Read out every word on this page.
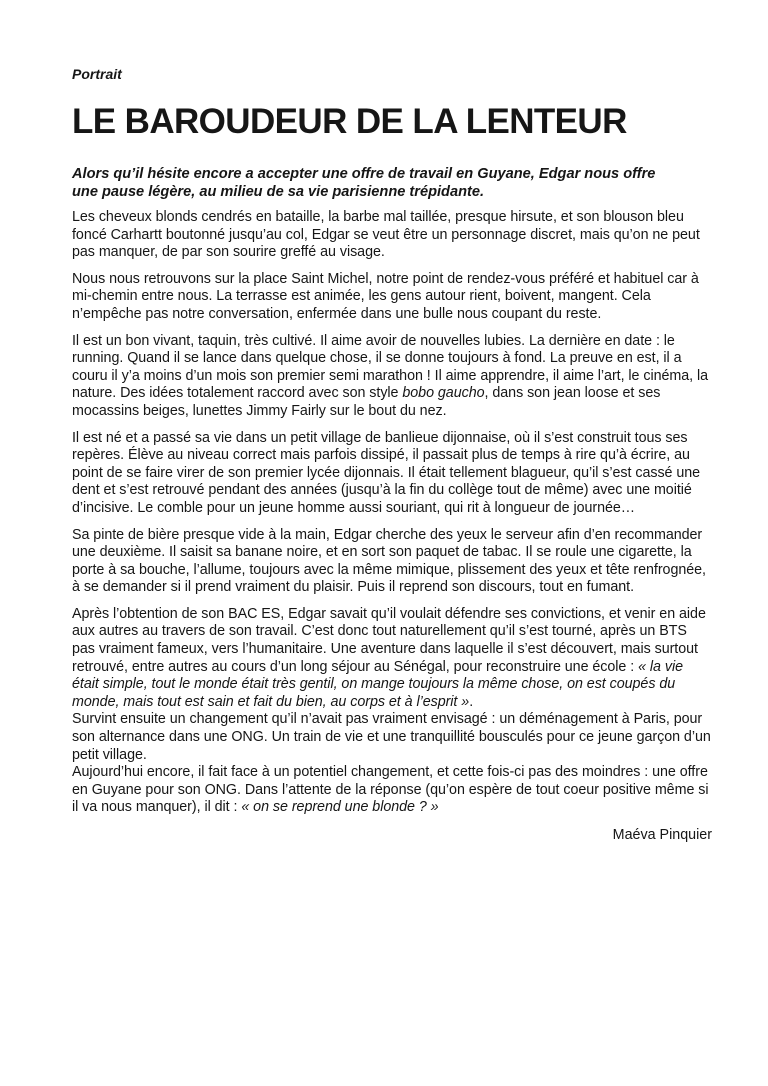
Portrait

LE BAROUDEUR DE LA LENTEUR

Alors qu’il hésite encore a accepter une offre de travail en Guyane, Edgar nous offre une pause légère, au milieu de sa vie parisienne trépidante.

Les cheveux blonds cendrés en bataille, la barbe mal taillée, presque hirsute, et son blouson bleu foncé Carhartt boutonné jusqu’au col, Edgar se veut être un personnage discret, mais qu’on ne peut pas manquer, de par son sourire greffé au visage.

Nous nous retrouvons sur la place Saint Michel, notre point de rendez-vous préféré et habituel car à mi-chemin entre nous. La terrasse est animée, les gens autour rient, boivent, mangent. Cela n’empêche pas notre conversation, enfermée dans une bulle nous coupant du reste.

Il est un bon vivant, taquin, très cultivé. Il aime avoir de nouvelles lubies. La dernière en date : le running. Quand il se lance dans quelque chose, il se donne toujours à fond. La preuve en est, il a couru il y’a moins d’un mois son premier semi marathon ! Il aime apprendre, il aime l’art, le cinéma, la nature. Des idées totalement raccord avec son style bobo gaucho, dans son jean loose et ses mocassins beiges, lunettes Jimmy Fairly sur le bout du nez.

Il est né et a passé sa vie dans un petit village de banlieue dijonnaise, où il s’est construit tous ses repères. Élève au niveau correct mais parfois dissipé, il passait plus de temps à rire qu’à écrire, au point de se faire virer de son premier lycée dijonnais. Il était tellement blagueur, qu’il s’est cassé une dent et s’est retrouvé pendant des années (jusqu’à la fin du collège tout de même) avec une moitié d’incisive. Le comble pour un jeune homme aussi souriant, qui rit à longueur de journée…

Sa pinte de bière presque vide à la main, Edgar cherche des yeux le serveur afin d’en recommander une deuxième. Il saisit sa banane noire, et en sort son paquet de tabac. Il se roule une cigarette, la porte à sa bouche, l’allume, toujours avec la même mimique, plissement des yeux et tête renfrognée, à se demander si il prend vraiment du plaisir. Puis il reprend son discours, tout en fumant.

Après l’obtention de son BAC ES, Edgar savait qu’il voulait défendre ses convictions, et venir en aide aux autres au travers de son travail. C’est donc tout naturellement qu’il s’est tourné, après un BTS pas vraiment fameux, vers l’humanitaire. Une aventure dans laquelle il s’est découvert, mais surtout retrouvé, entre autres au cours d’un long séjour au Sénégal, pour reconstruire une école : « la vie était simple, tout le monde était très gentil, on mange toujours la même chose, on est coupés du monde, mais tout est sain et fait du bien, au corps et à l’esprit ».

Survint ensuite un changement qu’il n’avait pas vraiment envisagé : un déménagement à Paris, pour son alternance dans une ONG. Un train de vie et une tranquillité bousculés pour ce jeune garçon d’un petit village.

Aujourd’hui encore, il fait face à un potentiel changement, et cette fois-ci pas des moindres : une offre en Guyane pour son ONG. Dans l’attente de la réponse (qu’on espère de tout coeur positive même si il va nous manquer), il dit : « on se reprend une blonde ? »

Maéva Pinquier
